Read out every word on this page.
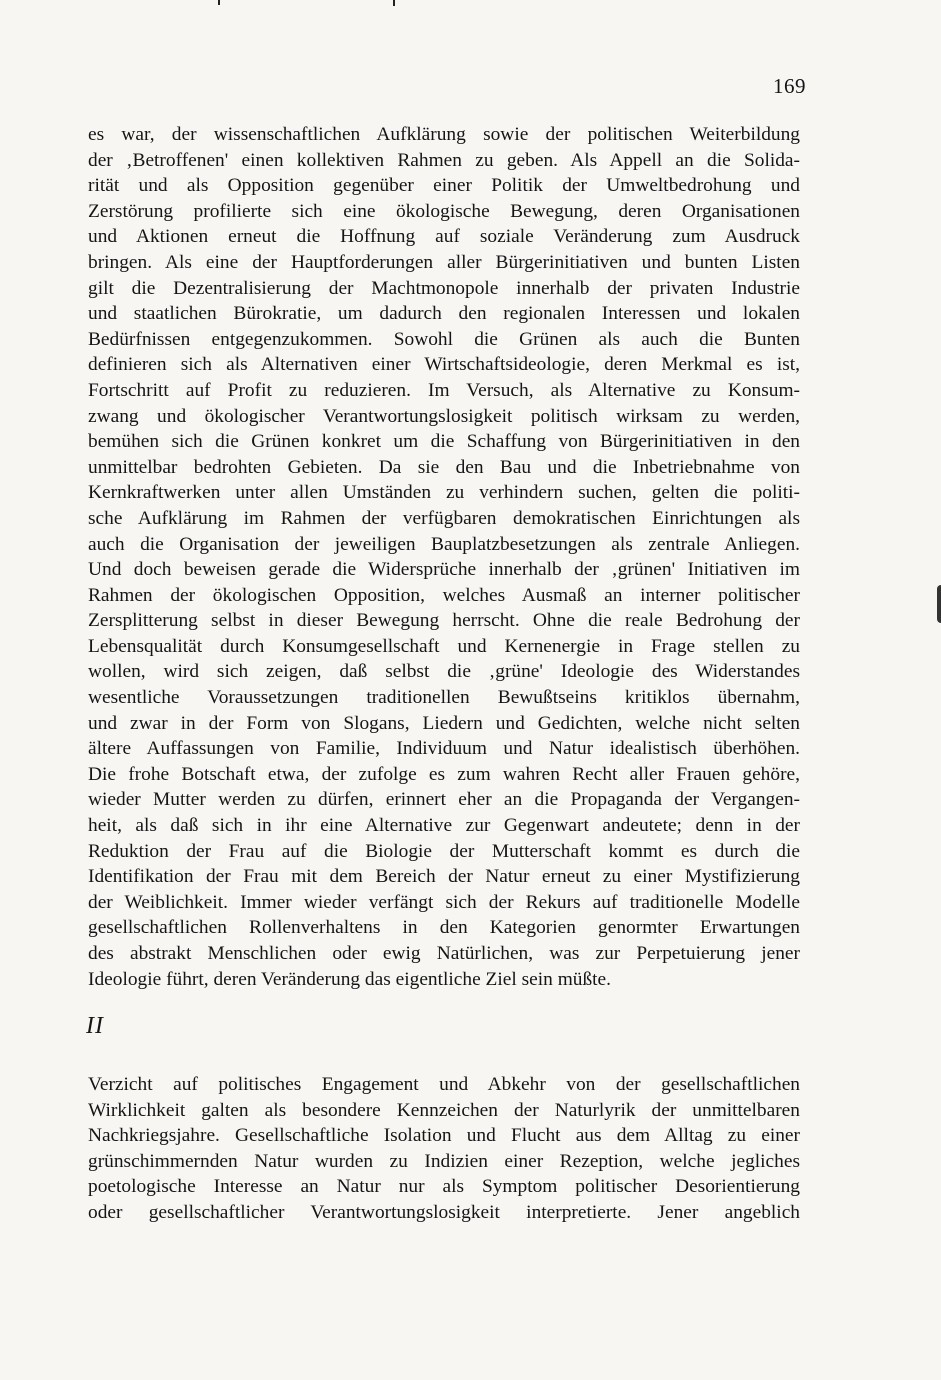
169
es war, der wissenschaftlichen Aufklärung sowie der politischen Weiterbildung
der ‚Betroffenen' einen kollektiven Rahmen zu geben. Als Appell an die Solida-
rität und als Opposition gegenüber einer Politik der Umweltbedrohung und
Zerstörung profilierte sich eine ökologische Bewegung, deren Organisationen
und Aktionen erneut die Hoffnung auf soziale Veränderung zum Ausdruck
bringen. Als eine der Hauptforderungen aller Bürgerinitiativen und bunten Listen
gilt die Dezentralisierung der Machtmonopole innerhalb der privaten Industrie
und staatlichen Bürokratie, um dadurch den regionalen Interessen und lokalen
Bedürfnissen entgegenzukommen. Sowohl die Grünen als auch die Bunten
definieren sich als Alternativen einer Wirtschaftsideologie, deren Merkmal es ist,
Fortschritt auf Profit zu reduzieren. Im Versuch, als Alternative zu Konsum-
zwang und ökologischer Verantwortungslosigkeit politisch wirksam zu werden,
bemühen sich die Grünen konkret um die Schaffung von Bürgerinitiativen in den
unmittelbar bedrohten Gebieten. Da sie den Bau und die Inbetriebnahme von
Kernkraftwerken unter allen Umständen zu verhindern suchen, gelten die politi-
sche Aufklärung im Rahmen der verfügbaren demokratischen Einrichtungen als
auch die Organisation der jeweiligen Bauplatzbesetzungen als zentrale Anliegen.
Und doch beweisen gerade die Widersprüche innerhalb der ‚grünen' Initiativen im
Rahmen der ökologischen Opposition, welches Ausmaß an interner politischer
Zersplitterung selbst in dieser Bewegung herrscht. Ohne die reale Bedrohung der
Lebensqualität durch Konsumgesellschaft und Kernenergie in Frage stellen zu
wollen, wird sich zeigen, daß selbst die ‚grüne' Ideologie des Widerstandes
wesentliche Voraussetzungen traditionellen Bewußtseins kritiklos übernahm,
und zwar in der Form von Slogans, Liedern und Gedichten, welche nicht selten
ältere Auffassungen von Familie, Individuum und Natur idealistisch überhöhen.
Die frohe Botschaft etwa, der zufolge es zum wahren Recht aller Frauen gehöre,
wieder Mutter werden zu dürfen, erinnert eher an die Propaganda der Vergangen-
heit, als daß sich in ihr eine Alternative zur Gegenwart andeutete; denn in der
Reduktion der Frau auf die Biologie der Mutterschaft kommt es durch die
Identifikation der Frau mit dem Bereich der Natur erneut zu einer Mystifizierung
der Weiblichkeit. Immer wieder verfängt sich der Rekurs auf traditionelle Modelle
gesellschaftlichen Rollenverhaltens in den Kategorien genormter Erwartungen
des abstrakt Menschlichen oder ewig Natürlichen, was zur Perpetuierung jener
Ideologie führt, deren Veränderung das eigentliche Ziel sein müßte.
II
Verzicht auf politisches Engagement und Abkehr von der gesellschaftlichen
Wirklichkeit galten als besondere Kennzeichen der Naturlyrik der unmittelbaren
Nachkriegsjahre. Gesellschaftliche Isolation und Flucht aus dem Alltag zu einer
grünschimmernden Natur wurden zu Indizien einer Rezeption, welche jegliches
poetologische Interesse an Natur nur als Symptom politischer Desorientierung
oder gesellschaftlicher Verantwortungslosigkeit interpretierte. Jener angeblich
